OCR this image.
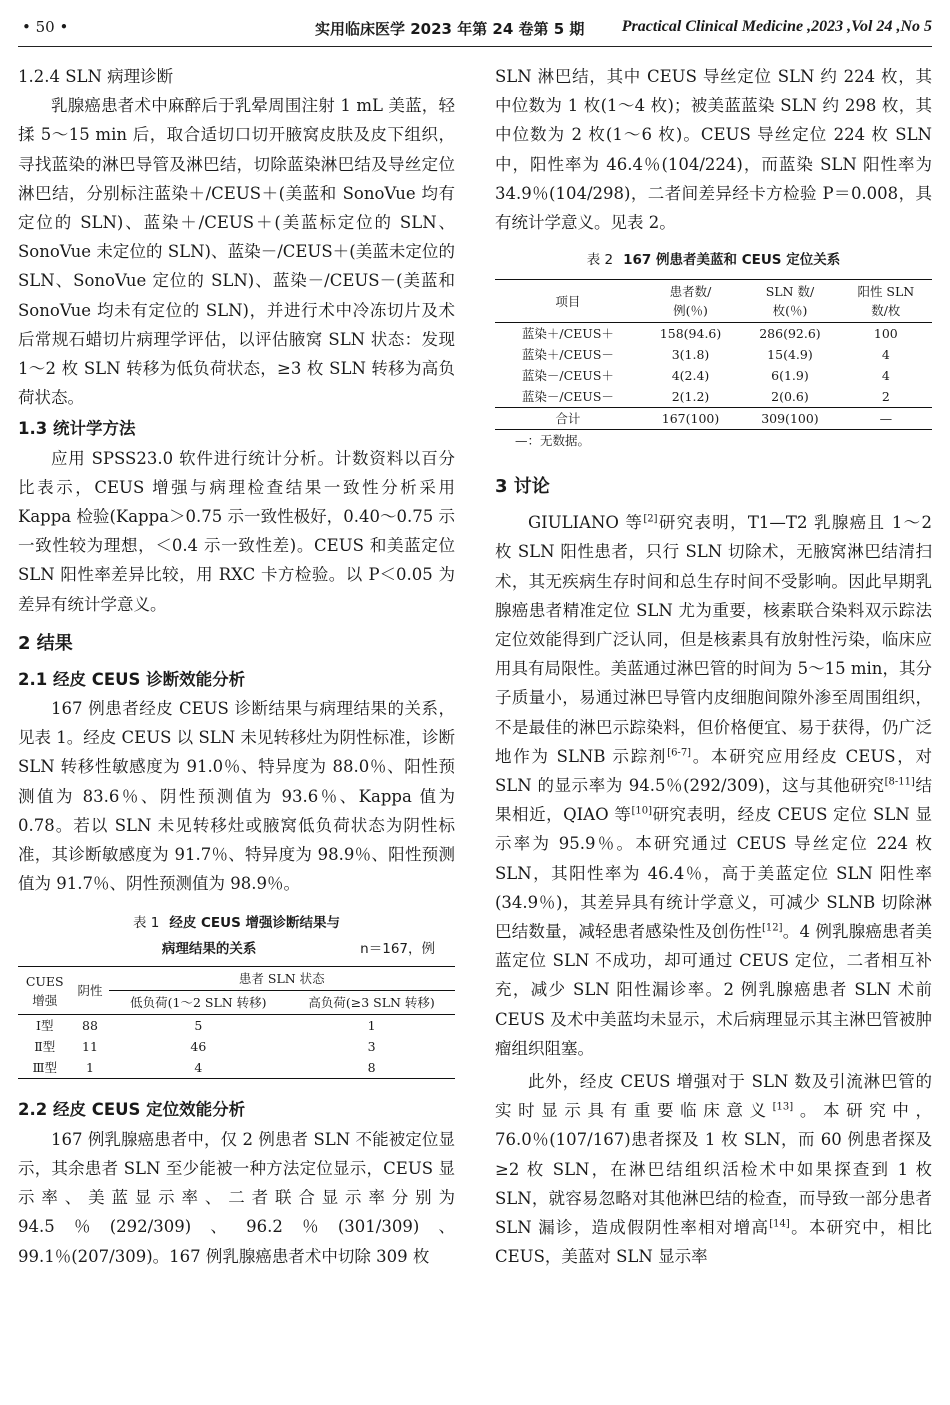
• 50 •	实用临床医学 2023 年第 24 卷第 5 期 Practical Clinical Medicine ,2023 ,Vol 24 ,No 5
1.2.4 SLN 病理诊断

乳腺癌患者术中麻醉后于乳晕周围注射 1 mL 美蓝，轻揉 5～15 min 后，取合适切口切开腋窝皮肤及皮下组织，寻找蓝染的淋巴导管及淋巴结，切除蓝染淋巴结及导丝定位淋巴结，分别标注蓝染＋/CEUS＋(美蓝和 SonoVue 均有定位的 SLN)、蓝染＋/CEUS＋(美蓝标定位的 SLN、SonoVue 未定位的 SLN)、蓝染－/CEUS＋(美蓝未定位的 SLN、SonoVue 定位的 SLN)、蓝染－/CEUS－(美蓝和 SonoVue 均未有定位的 SLN)，并进行术中冷冻切片及术后常规石蜡切片病理学评估，以评估腋窝 SLN 状态：发现 1～2 枚 SLN 转移为低负荷状态，≥3 枚 SLN 转移为高负荷状态。

1.3 统计学方法

应用 SPSS23.0 软件进行统计分析。计数资料以百分比表示，CEUS 增强与病理检查结果一致性分析采用 Kappa 检验(Kappa＞0.75 示一致性极好，0.40～0.75 示一致性较为理想，＜0.4 示一致性差)。CEUS 和美蓝定位 SLN 阳性率差异比较，用 RXC 卡方检验。以 P＜0.05 为差异有统计学意义。

2 结果
2.1 经皮 CEUS 诊断效能分析

167 例患者经皮 CEUS 诊断结果与病理结果的关系，见表 1。经皮 CEUS 以 SLN 未见转移灶为阴性标准，诊断 SLN 转移性敏感度为 91.0％、特异度为 88.0％、阳性预测值为 83.6％、阴性预测值为 93.6％、Kappa 值为 0.78。若以 SLN 未见转移灶或腋窝低负荷状态为阴性标准，其诊断敏感度为 91.7％、特异度为 98.9％、阳性预测值为 91.7％、阴性预测值为 98.9％。

表 1 经皮 CEUS 增强诊断结果与
病理结果的关系	n＝167，例
CUES
增强	阴性	患者 SLN 状态	
		低负荷(1～2 SLN 转移)	高负荷(≥3 SLN 转移)
Ⅰ型	88	5	1
Ⅱ型	11	46	3
Ⅲ型	1	4	8
2.2 经皮 CEUS 定位效能分析

167 例乳腺癌患者中，仅 2 例患者 SLN 不能被定位显示，其余患者 SLN 至少能被一种方法定位显示，CEUS 显示率、美蓝显示率、二者联合显示率分别为 94.5％(292/309)、96.2％(301/309)、99.1％(207/309)。167 例乳腺癌患者术中切除 309 枚

SLN 淋巴结，其中 CEUS 导丝定位 SLN 约 224 枚，其中位数为 1 枚(1～4 枚)；被美蓝蓝染 SLN 约 298 枚，其中位数为 2 枚(1～6 枚)。CEUS 导丝定位 224 枚 SLN 中，阳性率为 46.4％(104/224)，而蓝染 SLN 阳性率为 34.9％(104/298)，二者间差异经卡方检验 P＝0.008，具有统计学意义。见表 2。

表 2 167 例患者美蓝和 CEUS 定位关系
项目	患者数/
例(％)	SLN 数/
枚(％)	阳性 SLN
数/枚
蓝染＋/CEUS＋	158(94.6)	286(92.6)	100
蓝染＋/CEUS－	3(1.8)	15(4.9)	4
蓝染－/CEUS＋	4(2.4)	6(1.9)	4
蓝染－/CEUS－	2(1.2)	2(0.6)	2
合计	167(100)	309(100)	—
—：无数据。
3 讨论

GIULIANO 等[2]研究表明，T1—T2 乳腺癌且 1～2 枚 SLN 阳性患者，只行 SLN 切除术，无腋窝淋巴结清扫术，其无疾病生存时间和总生存时间不受影响。因此早期乳腺癌患者精准定位 SLN 尤为重要，核素联合染料双示踪法定位效能得到广泛认同，但是核素具有放射性污染，临床应用具有局限性。美蓝通过淋巴管的时间为 5～15 min，其分子质量小，易通过淋巴导管内皮细胞间隙外渗至周围组织，不是最佳的淋巴示踪染料，但价格便宜、易于获得，仍广泛地作为 SLNB 示踪剂[6-7]。本研究应用经皮 CEUS，对 SLN 的显示率为 94.5％(292/309)，这与其他研究[8-11]结果相近，QIAO 等[10]研究表明，经皮 CEUS 定位 SLN 显示率为 95.9％。本研究通过 CEUS 导丝定位 224 枚 SLN，其阳性率为 46.4％，高于美蓝定位 SLN 阳性率(34.9％)，其差异具有统计学意义，可减少 SLNB 切除淋巴结数量，减轻患者感染性及创伤性[12]。4 例乳腺癌患者美蓝定位 SLN 不成功，却可通过 CEUS 定位，二者相互补充，减少 SLN 阳性漏诊率。2 例乳腺癌患者 SLN 术前 CEUS 及术中美蓝均未显示，术后病理显示其主淋巴管被肿瘤组织阻塞。

此外，经皮 CEUS 增强对于 SLN 数及引流淋巴管的实时显示具有重要临床意义[13]。本研究中，76.0％(107/167)患者探及 1 枚 SLN，而 60 例患者探及≥2 枚 SLN，在淋巴结组织活检术中如果探查到 1 枚 SLN，就容易忽略对其他淋巴结的检查，而导致一部分患者 SLN 漏诊，造成假阴性率相对增高[14]。本研究中，相比 CEUS，美蓝对 SLN 显示率
